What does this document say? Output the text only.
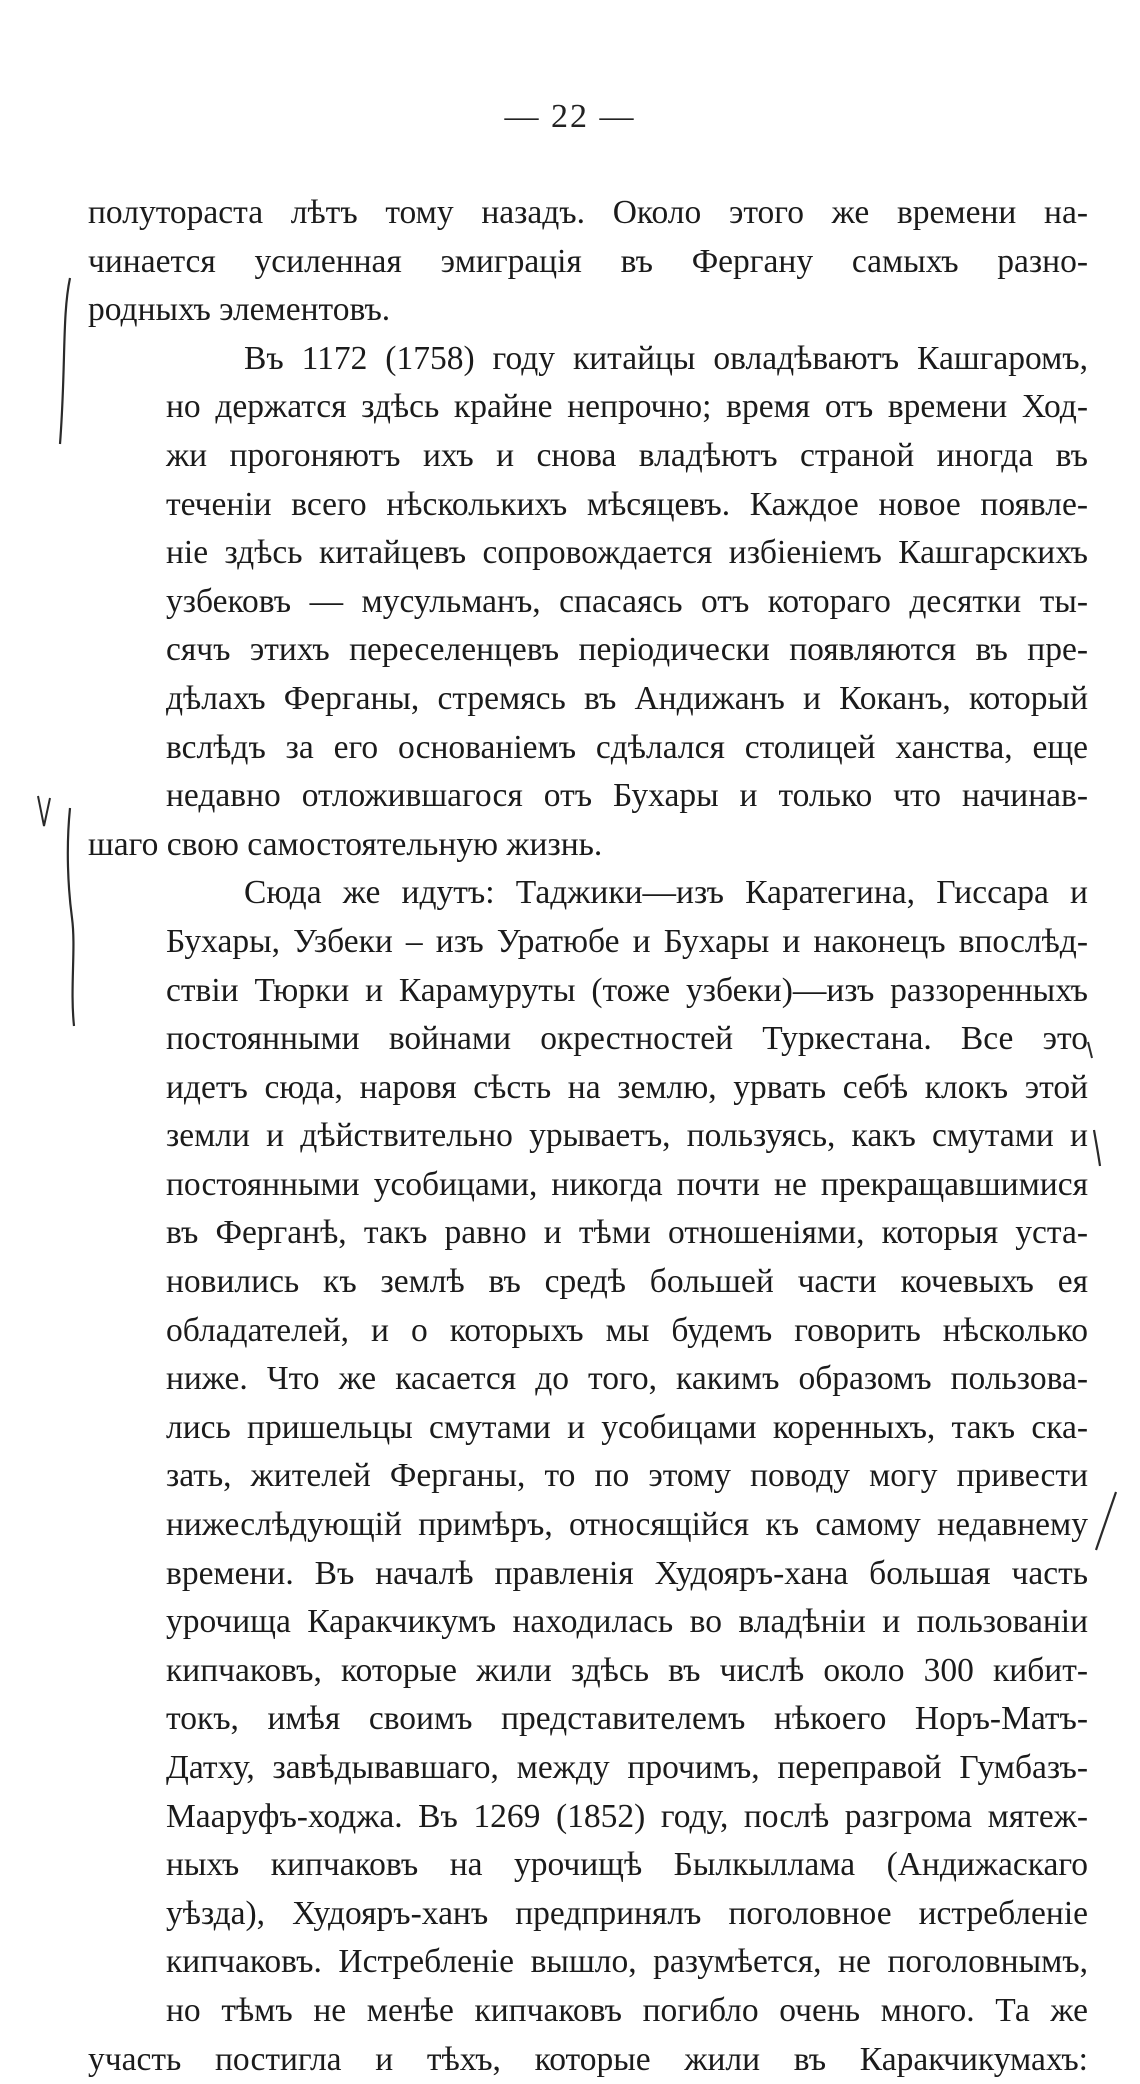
— 22 —

полутораста лѣтъ тому назадъ. Около этого же времени на-
чинается усиленная эмиграція въ Фергану самыхъ разно-

родныхъ элементовъ.

Въ 1172 (1758) году китайцы овладѣваютъ Кашгаромъ,
но держатся здѣсь крайне непрочно; время отъ времени Ход-
жи прогоняютъ ихъ и снова владѣютъ страной иногда въ
теченіи всего нѣсколькихъ мѣсяцевъ. Каждое новое появле-
ніе здѣсь китайцевъ сопровождается избіеніемъ Кашгарскихъ
узбековъ — мусульманъ, спасаясь отъ котораго десятки ты-
сячъ этихъ переселенцевъ періодически появляются въ пре-
дѣлахъ Ферганы, стремясь въ Андижанъ и Коканъ, который
вслѣдъ за его основаніемъ сдѣлался столицей ханства, еще
недавно отложившагося отъ Бухары и только что начинав-

шаго свою самостоятельную жизнь.

Сюда же идутъ: Таджики—изъ Каратегина, Гиссара и
Бухары, Узбеки – изъ Уратюбе и Бухары и наконецъ впослѣд-
ствіи Тюрки и Карамуруты (тоже узбеки)—изъ раззоренныхъ
постоянными войнами окрестностей Туркестана. Все это
идетъ сюда, наровя сѣсть на землю, урвать себѣ клокъ этой
земли и дѣйствительно урываетъ, пользуясь, какъ смутами и
постоянными усобицами, никогда почти не прекращавшимися
въ Ферганѣ, такъ равно и тѣми отношеніями, которыя уста-
новились къ землѣ въ средѣ большей части кочевыхъ ея
обладателей, и о которыхъ мы будемъ говорить нѣсколько
ниже. Что же касается до того, какимъ образомъ пользова-
лись пришельцы смутами и усобицами коренныхъ, такъ ска-
зать, жителей Ферганы, то по этому поводу могу привести
нижеслѣдующій примѣръ, относящійся къ самому недавнему
времени. Въ началѣ правленія Худояръ-хана большая часть
урочища Каракчикумъ находилась во владѣніи и пользованіи
кипчаковъ, которые жили здѣсь въ числѣ около 300 кибит-
токъ, имѣя своимъ представителемъ нѣкоего Норъ-Матъ-
Датху, завѣдывавшаго, между прочимъ, переправой Гумбазъ-
Мааруфъ-ходжа. Въ 1269 (1852) году, послѣ разгрома мятеж-
ныхъ кипчаковъ на урочищѣ Былкыллама (Андижаскаго
уѣзда), Худояръ-ханъ предпринялъ поголовное истребленіе
кипчаковъ. Истребленіе вышло, разумѣется, не поголовнымъ,
но тѣмъ не менѣе кипчаковъ погибло очень много. Та же

участь постигла и тѣхъ, которые жили въ Каракчикумахъ:
